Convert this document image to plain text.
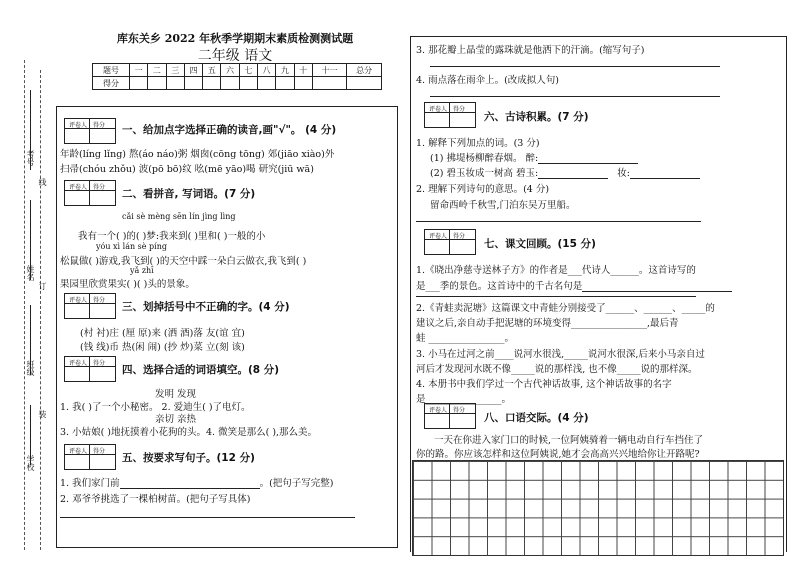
考号
线
姓名
订
班级
装
学校
库东关乡 2022 年秋季学期期末素质检测测试题
二年级 语文
题号	一	二	三	四	五	六	七	八	九	十	十一	总分
得分												
评卷人 得分 一、给加点字选择正确的读音,画"√"。 (4 分)
年龄(líng lǐng) 熬(áo náo)粥 烟囱(cōng tōng) 郊(jiāo xiào)外
扫帚(chóu zhǒu) 波(pō bō)纹 吆(mē yāo)喝 研究(jiū wā)
评卷人 得分
二、看拼音, 写词语。(7 分)
cǎi sè mèng sēn lín jìng lìng
我有一个( )的( )梦:我来到( )里和( )一般的小
yóu xì lán sè píng
松鼠做( )游戏,我飞到( )的天空中踩一朵白云做衣,我飞到( )
yǎ zhī
果园里欣赏果实( )( )头的景象。
评卷人 得分
三、划掉括号中不正确的字。(4 分)
(村 衬)庄 (厘 原)来 (洒 酒)落 友(谊 宜)
(钱 线)币 热(闲 闹) (抄 炒)菜 立(刻 该)
评卷人 得分
四、选择合适的词语填空。(8 分)
发明 发现
1. 我( )了一个小秘密。 2. 爱迪生( )了电灯。
亲切 亲热
3. 小姑娘( )地抚摸着小花狗的头。4. 微笑是那么( ),那么美。
评卷人 得分
五、按要求写句子。(12 分)
1. 我们家门前	。(把句子写完整)
2. 邓爷爷挑选了一棵柏树苗。(把句子写具体)
3. 那花瓣上晶莹的露珠就是他洒下的汗滴。(缩写句子)
4. 雨点落在雨伞上。(改成拟人句)
评卷人 得分
六、古诗积累。(7 分)
1. 解释下列加点的词。(3 分)
(1) 拂堤杨柳醉春烟。 醉:
(2) 碧玉妆成一树高 碧玉:	妆:
2. 理解下列诗句的意思。(4 分)
留命西岭千秋雪,门泊东吴万里船。
评卷人 得分
七、课文回顾。(15 分)
1.《晓出净慈寺送林子方》的作者是___代诗人______。这首诗写的
是___季的景色。这首诗中的千古名句是
2.《青蛙卖泥塘》这篇课文中青蛙分别接受了______、______、_____的
建议之后,亲自动手把泥塘的环境变得________________,最后青
蛙 ________________。
3. 小马在过河之前____说河水很浅,_____说河水很深,后来小马亲自过
河后才发现河水既不像_____说的那样浅, 也不像_____说的那样深。
4. 本册书中我们学过一个古代神话故事, 这个神话故事的名字
是________________。
评卷人 得分
八、口语交际。(4 分)
一天在你进入家门口的时候,一位阿姨骑着一辆电动自行车挡住了
你的路。你应该怎样和这位阿姨说,她才会高高兴兴地给你让开路呢?
